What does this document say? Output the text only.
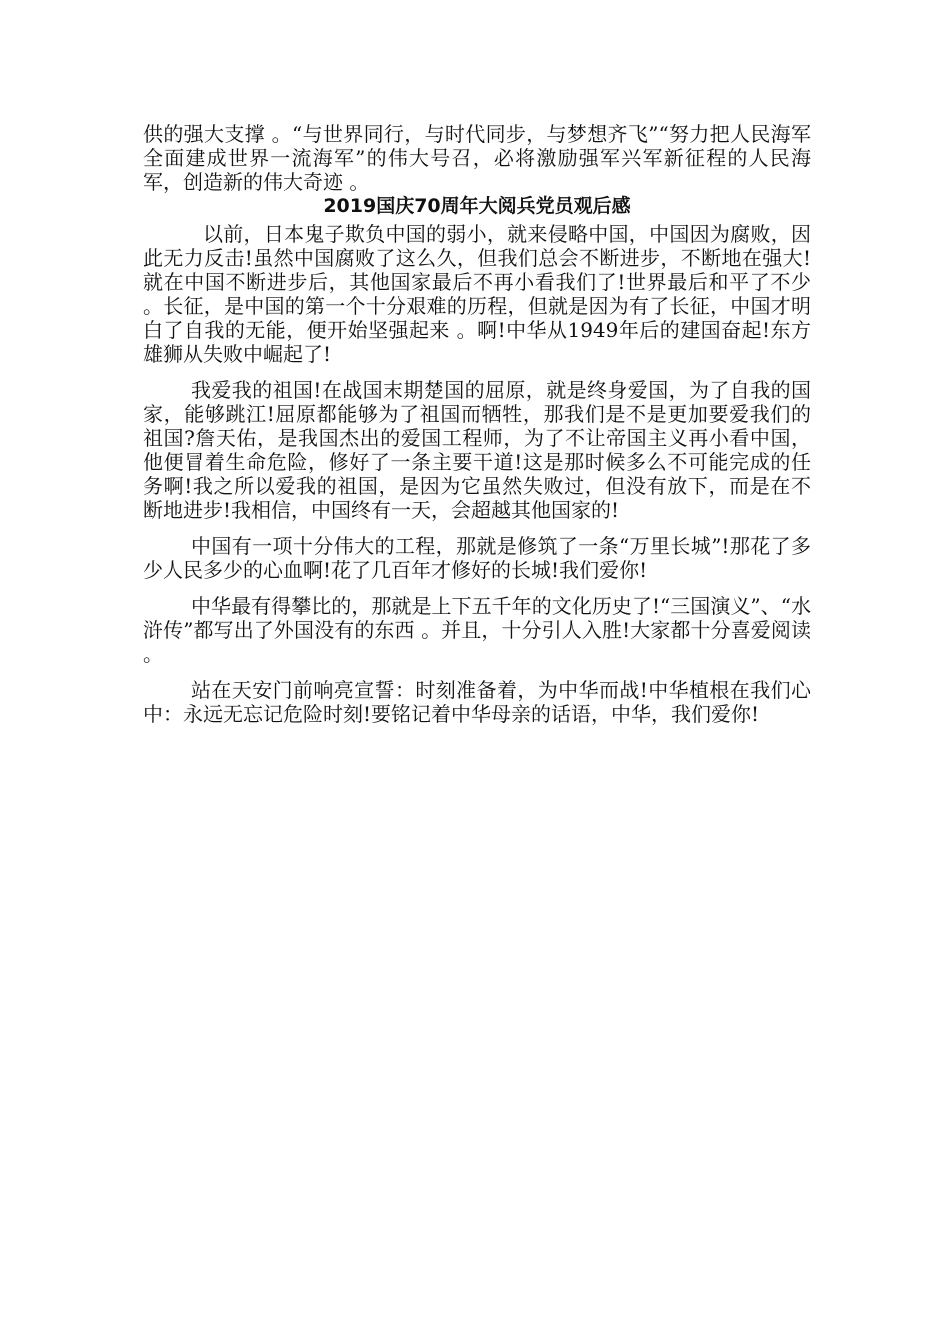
供的强大支撑 。“与世界同行，与时代同步，与梦想齐飞”“努力把人民海军全面建成世界一流海军”的伟大号召，必将激励强军兴军新征程的人民海军，创造新的伟大奇迹 。

2019国庆70周年大阅兵党员观后感

以前，日本鬼子欺负中国的弱小，就来侵略中国，中国因为腐败，因此无力反击!虽然中国腐败了这么久，但我们总会不断进步，不断地在强大!就在中国不断进步后，其他国家最后不再小看我们了!世界最后和平了不少 。长征，是中国的第一个十分艰难的历程，但就是因为有了长征，中国才明白了自我的无能，便开始坚强起来 。啊!中华从1949年后的建国奋起!东方雄狮从失败中崛起了!

我爱我的祖国!在战国末期楚国的屈原，就是终身爱国，为了自我的国家，能够跳江!屈原都能够为了祖国而牺牲，那我们是不是更加要爱我们的祖国?詹天佑，是我国杰出的爱国工程师，为了不让帝国主义再小看中国，他便冒着生命危险，修好了一条主要干道!这是那时候多么不可能完成的任务啊!我之所以爱我的祖国，是因为它虽然失败过，但没有放下，而是在不断地进步!我相信，中国终有一天，会超越其他国家的!

中国有一项十分伟大的工程，那就是修筑了一条“万里长城”!那花了多少人民多少的心血啊!花了几百年才修好的长城!我们爱你!

中华最有得攀比的，那就是上下五千年的文化历史了!“三国演义”、“水浒传”都写出了外国没有的东西 。并且，十分引人入胜!大家都十分喜爱阅读 。

站在天安门前响亮宣誓：时刻准备着，为中华而战!中华植根在我们心中：永远无忘记危险时刻!要铭记着中华母亲的话语，中华，我们爱你!
